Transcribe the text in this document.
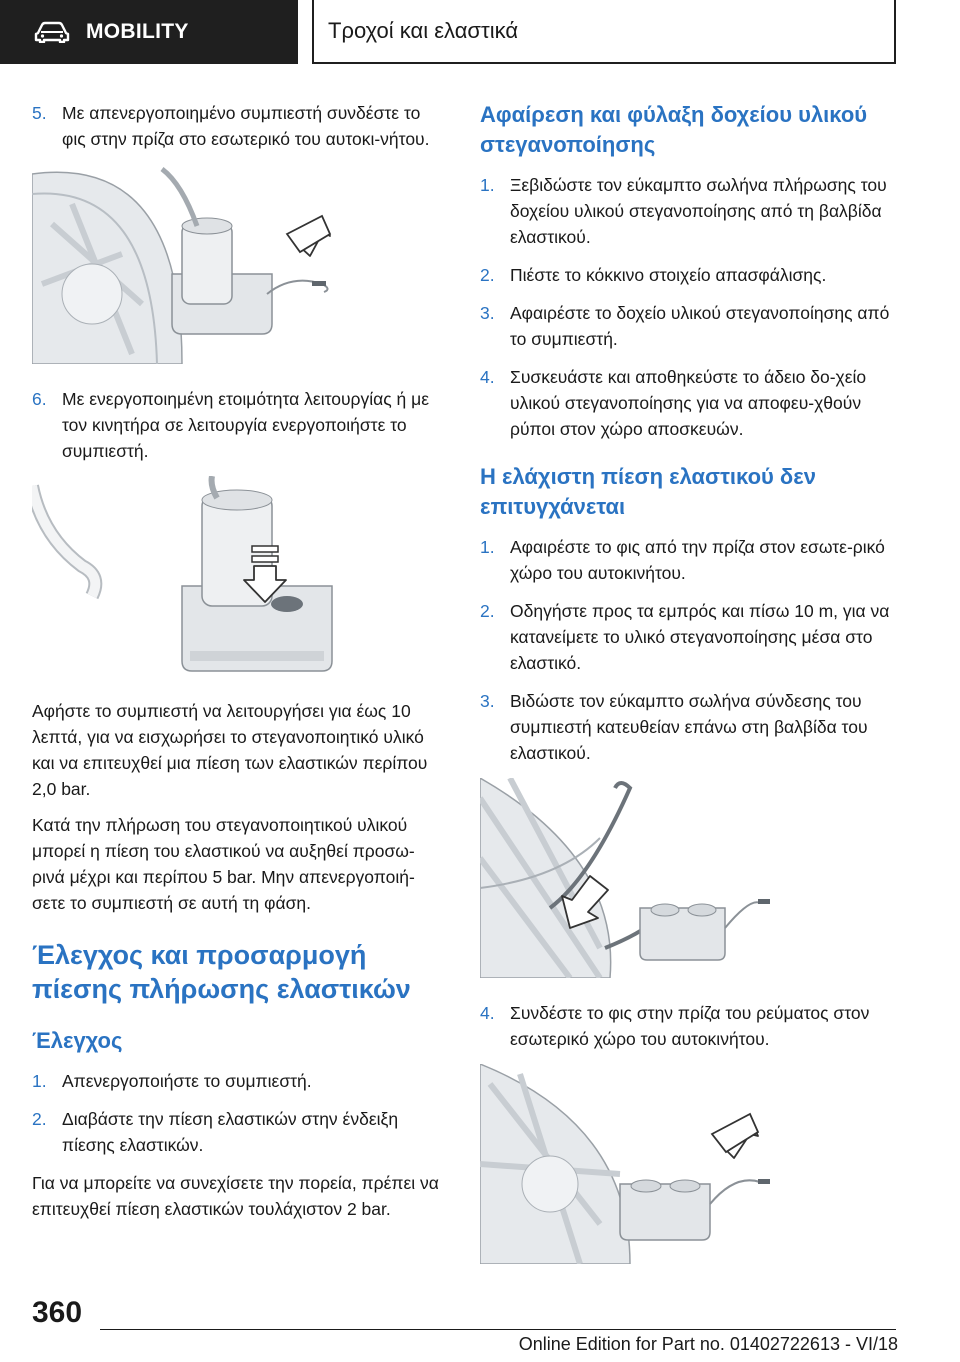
MOBILITY	Τροχοί και ελαστικά
5. Με απενεργοποιημένο συμπιεστή συνδέστε το φις στην πρίζα στο εσωτερικό του αυτοκι-νήτου.
6. Με ενεργοποιημένη ετοιμότητα λειτουργίας ή με τον κινητήρα σε λειτουργία ενεργοποιήστε το συμπιεστή.

Αφήστε το συμπιεστή να λειτουργήσει για έως 10 λεπτά, για να εισχωρήσει το στεγανοποιητικό υλικό και να επιτευχθεί μια πίεση των ελαστικών περίπου 2,0 bar.

Κατά την πλήρωση του στεγανοποιητικού υλικού μπορεί η πίεση του ελαστικού να αυξηθεί προσω-ρινά μέχρι και περίπου 5 bar. Μην απενεργοποιή-σετε το συμπιεστή σε αυτή τη φάση.

Έλεγχος και προσαρμογή πίεσης πλήρωσης ελαστικών
Έλεγχος
1. Απενεργοποιήστε το συμπιεστή.
2. Διαβάστε την πίεση ελαστικών στην ένδειξη πίεσης ελαστικών.

Για να μπορείτε να συνεχίσετε την πορεία, πρέπει να επιτευχθεί πίεση ελαστικών τουλάχιστον 2 bar.

Αφαίρεση και φύλαξη δοχείου υλικού στεγανοποίησης
1. Ξεβιδώστε τον εύκαμπτο σωλήνα πλήρωσης του δοχείου υλικού στεγανοποίησης από τη βαλβίδα ελαστικού.
2. Πιέστε το κόκκινο στοιχείο απασφάλισης.
3. Αφαιρέστε το δοχείο υλικού στεγανοποίησης από το συμπιεστή.
4. Συσκευάστε και αποθηκεύστε το άδειο δο-χείο υλικού στεγανοποίησης για να αποφευ-χθούν ρύποι στον χώρο αποσκευών.
Η ελάχιστη πίεση ελαστικού δεν επιτυγχάνεται
1. Αφαιρέστε το φις από την πρίζα στον εσωτε-ρικό χώρο του αυτοκινήτου.
2. Οδηγήστε προς τα εμπρός και πίσω 10 m, για να κατανείμετε το υλικό στεγανοποίησης μέσα στο ελαστικό.
3. Βιδώστε τον εύκαμπτο σωλήνα σύνδεσης του συμπιεστή κατευθείαν επάνω στη βαλβίδα του ελαστικού.
4. Συνδέστε το φις στην πρίζα του ρεύματος στον εσωτερικό χώρο του αυτοκινήτου.
360
Online Edition for Part no. 01402722613 - VI/18
